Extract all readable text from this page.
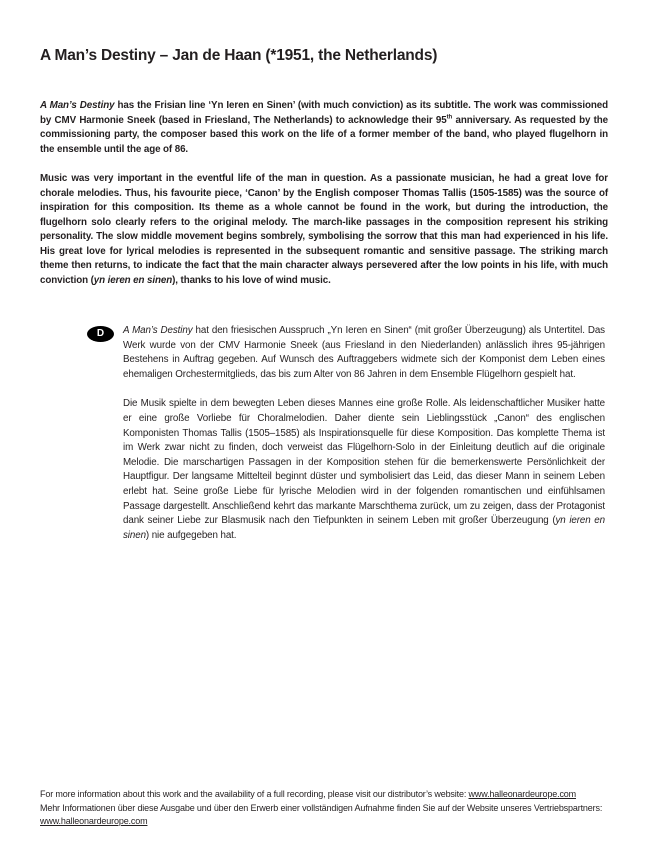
A Man’s Destiny – Jan de Haan (*1951, the Netherlands)

A Man’s Destiny has the Frisian line ‘Yn Ieren en Sinen’ (with much conviction) as its subtitle. The work was commissioned by CMV Harmonie Sneek (based in Friesland, The Netherlands) to acknowledge their 95th anniversary. As requested by the commissioning party, the composer based this work on the life of a former member of the band, who played flugelhorn in the ensemble until the age of 86.

Music was very important in the eventful life of the man in question. As a passionate musician, he had a great love for chorale melodies. Thus, his favourite piece, ‘Canon’ by the English composer Thomas Tallis (1505-1585) was the source of inspiration for this composition. Its theme as a whole cannot be found in the work, but during the introduction, the flugelhorn solo clearly refers to the original melody. The march-like passages in the composition represent his striking personality. The slow middle movement begins sombrely, symbolising the sorrow that this man had experienced in his life. His great love for lyrical melodies is represented in the subsequent romantic and sensitive passage. The striking march theme then returns, to indicate the fact that the main character always persevered after the low points in his life, with much conviction (yn ieren en sinen), thanks to his love of wind music.

D	A Man’s Destiny hat den friesischen Ausspruch „Yn Ieren en Sinen“ (mit großer Überzeugung) als Untertitel. Das Werk wurde von der CMV Harmonie Sneek (aus Friesland in den Niederlanden) anlässlich ihres 95-jährigen Bestehens in Auftrag gegeben. Auf Wunsch des Auftraggebers widmete sich der Komponist dem Leben eines ehemaligen Orchestermitglieds, das bis zum Alter von 86 Jahren in dem Ensemble Flügelhorn gespielt hat.

Die Musik spielte in dem bewegten Leben dieses Mannes eine große Rolle. Als leidenschaftlicher Musiker hatte er eine große Vorliebe für Choralmelodien. Daher diente sein Lieblingsstück „Canon“ des englischen Komponisten Thomas Tallis (1505–1585) als Inspirationsquelle für diese Komposition. Das komplette Thema ist im Werk zwar nicht zu finden, doch verweist das Flügelhorn-Solo in der Einleitung deutlich auf die originale Melodie. Die marschartigen Passagen in der Komposition stehen für die bemerkenswerte Persönlichkeit der Hauptfigur. Der langsame Mittelteil beginnt düster und symbolisiert das Leid, das dieser Mann in seinem Leben erlebt hat. Seine große Liebe für lyrische Melodien wird in der folgenden romantischen und einfühlsamen Passage dargestellt. Anschließend kehrt das markante Marschthema zurück, um zu zeigen, dass der Protagonist dank seiner Liebe zur Blasmusik nach den Tiefpunkten in seinem Leben mit großer Überzeugung (yn ieren en sinen) nie aufgegeben hat.

For more information about this work and the availability of a full recording, please visit our distributor’s website: www.halleonardeurope.com
Mehr Informationen über diese Ausgabe und über den Erwerb einer vollständigen Aufnahme finden Sie auf der Website unseres Vertriebspartners:
www.halleonardeurope.com
